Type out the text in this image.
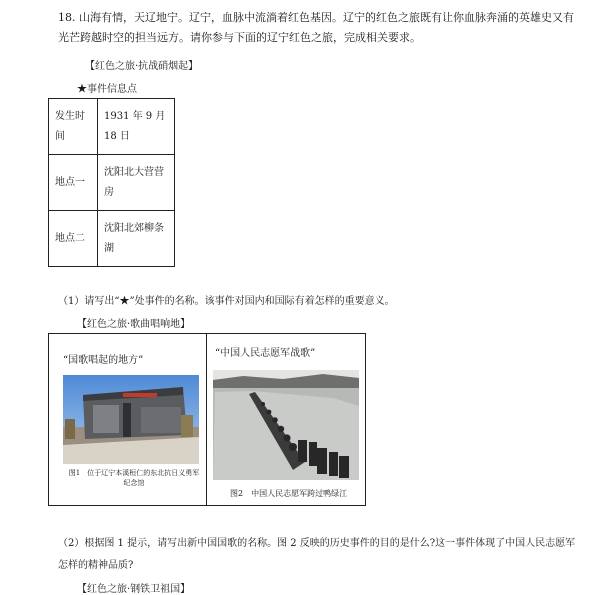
18. 山海有情，天辽地宁。辽宁，血脉中流淌着红色基因。辽宁的红色之旅既有让你血脉奔涌的英雄史又有光芒跨越时空的担当远方。请你参与下面的辽宁红色之旅，完成相关要求。
【红色之旅·抗战硝烟起】
★事件信息点
发生时间	1931 年 9 月 18 日
地点一	沈阳北大营营房
地点二	沈阳北郊柳条湖
（1）请写出“★”处事件的名称。该事件对国内和国际有着怎样的重要意义。
【红色之旅·歌曲唱响地】
“国歌唱起的地方”
“中国人民志愿军战歌”
图1　位于辽宁本溪桓仁的东北抗日义勇军纪念馆
图2　中国人民志愿军跨过鸭绿江
（2）根据图 1 提示，请写出新中国国歌的名称。图 2 反映的历史事件的目的是什么?这一事件体现了中国人民志愿军怎样的精神品质?
【红色之旅·钢铁卫祖国】
